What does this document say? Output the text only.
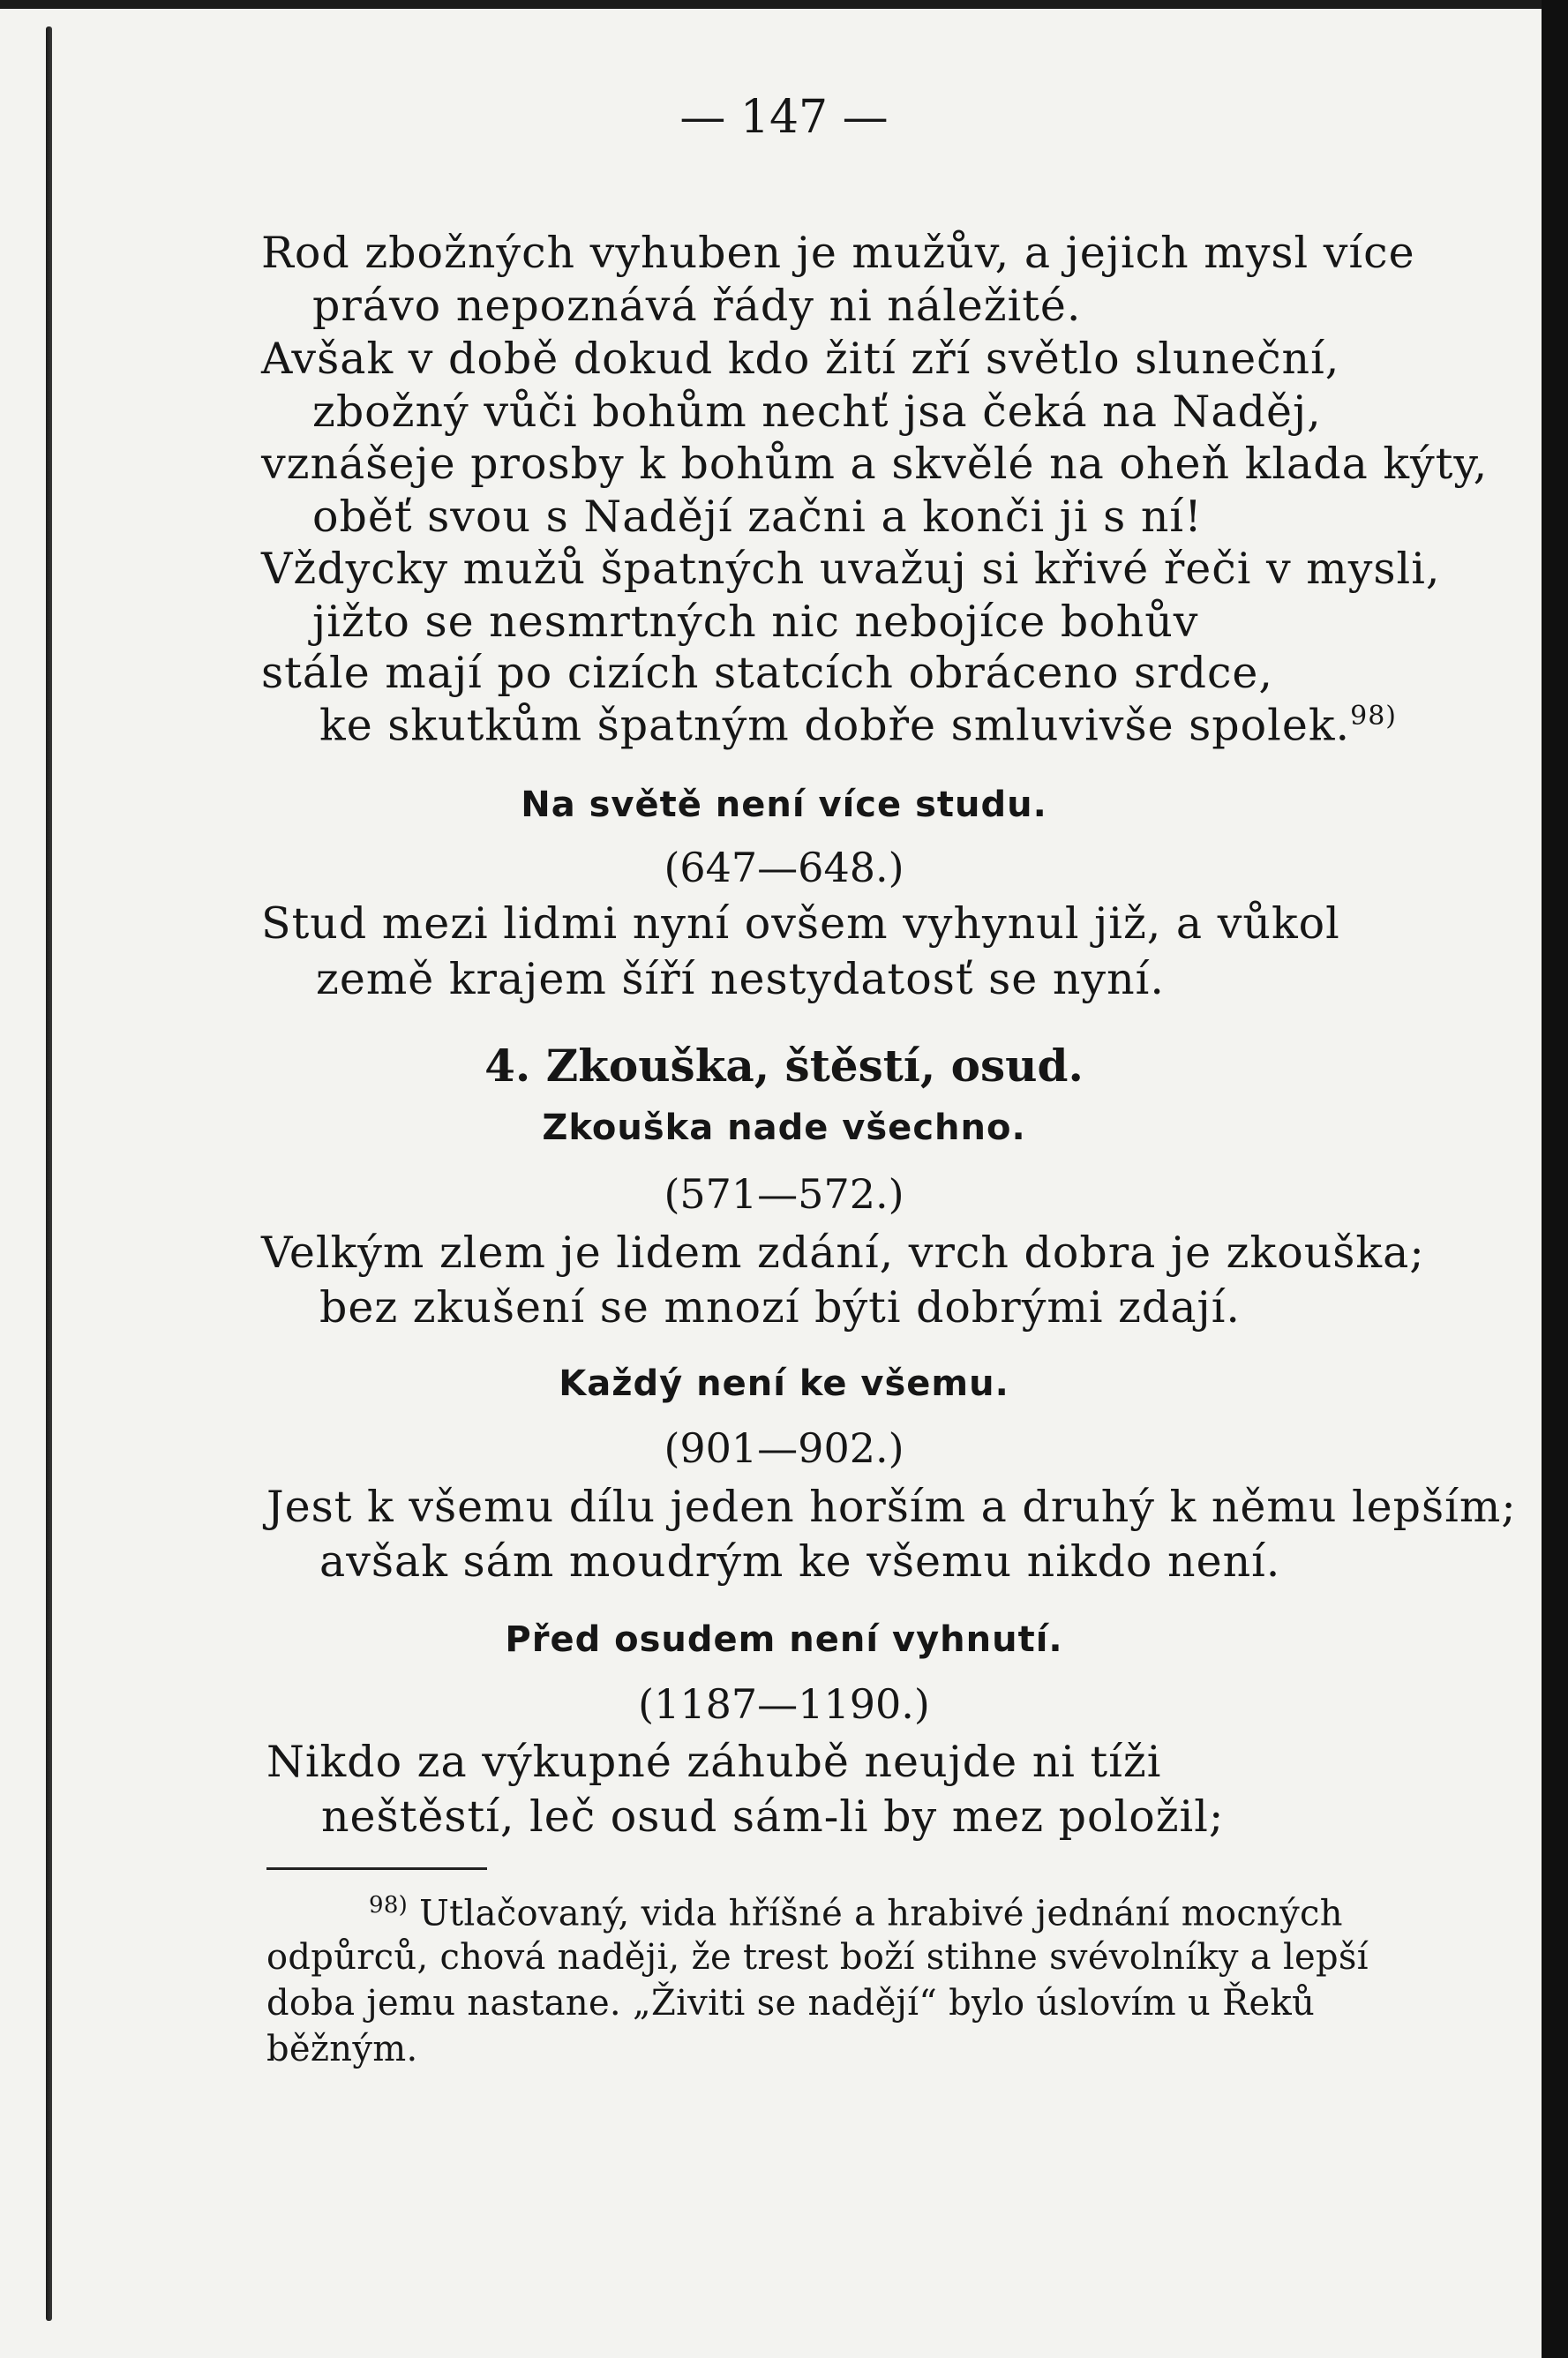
— 147 —
Rod zbožných vyhuben je mužův, a jejich mysl více
právo nepoznává řády ni náležité.
Avšak v době dokud kdo žití zří světlo sluneční,
zbožný vůči bohům nechť jsa čeká na Naděj,
vznášeje prosby k bohům a skvělé na oheň klada kýty,
oběť svou s Nadějí začni a konči ji s ní!
Vždycky mužů špatných uvažuj si křivé řeči v mysli,
jižto se nesmrtných nic nebojíce bohův
stále mají po cizích statcích obráceno srdce,
ke skutkům špatným dobře smluvivše spolek.$^{98)}$
Na světě není více studu.
(647—648.)
Stud mezi lidmi nyní ovšem vyhynul již, a vůkol
země krajem šíří nestydatosť se nyní.
4. Zkouška, štěstí, osud.
Zkouška nade všechno.
(571—572.)
Velkým zlem je lidem zdání, vrch dobra je zkouška;
bez zkušení se mnozí býti dobrými zdají.
Každý není ke všemu.
(901—902.)
Jest k všemu dílu jeden horším a druhý k němu lepším;
avšak sám moudrým ke všemu nikdo není.
Před osudem není vyhnutí.
(1187—1190.)
Nikdo za výkupné záhubě neujde ni tíži
neštěstí, leč osud sám-li by mez položil;
$^{98)}$ Utlačovaný, vida hříšné a hrabivé jednání mocných
odpůrců, chová naději, že trest boží stihne svévolníky a lepší
doba jemu nastane. „Živiti se nadějí“ bylo úslovím u Řeků
běžným.
